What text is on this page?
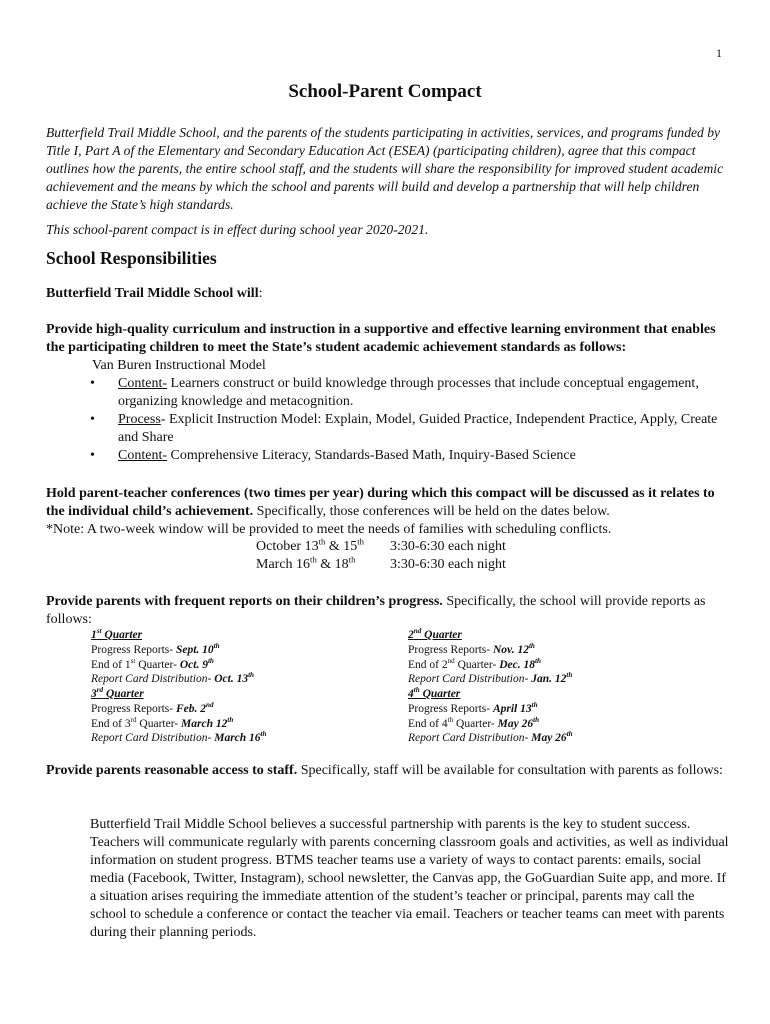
1
School-Parent Compact
Butterfield Trail Middle School, and the parents of the students participating in activities, services, and programs funded by Title I, Part A of the Elementary and Secondary Education Act (ESEA) (participating children), agree that this compact outlines how the parents, the entire school staff, and the students will share the responsibility for improved student academic achievement and the means by which the school and parents will build and develop a partnership that will help children achieve the State’s high standards.
This school-parent compact is in effect during school year 2020-2021.
School Responsibilities
Butterfield Trail Middle School will:
Provide high-quality curriculum and instruction in a supportive and effective learning environment that enables the participating children to meet the State’s student academic achievement standards as follows:
Van Buren Instructional Model
• Content- Learners construct or build knowledge through processes that include conceptual engagement, organizing knowledge and metacognition.
• Process- Explicit Instruction Model: Explain, Model, Guided Practice, Independent Practice, Apply, Create and Share
• Content- Comprehensive Literacy, Standards-Based Math, Inquiry-Based Science
Hold parent-teacher conferences (two times per year) during which this compact will be discussed as it relates to the individual child’s achievement. Specifically, those conferences will be held on the dates below.
*Note: A two-week window will be provided to meet the needs of families with scheduling conflicts.
October 13th & 15th 3:30-6:30 each night
March 16th & 18th 3:30-6:30 each night
Provide parents with frequent reports on their children’s progress. Specifically, the school will provide reports as follows:
1st Quarter
Progress Reports- Sept. 10th
End of 1st Quarter- Oct. 9th
Report Card Distribution- Oct. 13th
2nd Quarter
Progress Reports- Nov. 12th
End of 2nd Quarter- Dec. 18th
Report Card Distribution- Jan. 12th
3rd Quarter
Progress Reports- Feb. 2nd
End of 3rd Quarter- March 12th
Report Card Distribution- March 16th
4th Quarter
Progress Reports- April 13th
End of 4th Quarter- May 26th
Report Card Distribution- May 26th
Provide parents reasonable access to staff. Specifically, staff will be available for consultation with parents as follows:
Butterfield Trail Middle School believes a successful partnership with parents is the key to student success. Teachers will communicate regularly with parents concerning classroom goals and activities, as well as individual information on student progress. BTMS teacher teams use a variety of ways to contact parents: emails, social media (Facebook, Twitter, Instagram), school newsletter, the Canvas app, the GoGuardian Suite app, and more. If a situation arises requiring the immediate attention of the student’s teacher or principal, parents may call the school to schedule a conference or contact the teacher via email. Teachers or teacher teams can meet with parents during their planning periods.
